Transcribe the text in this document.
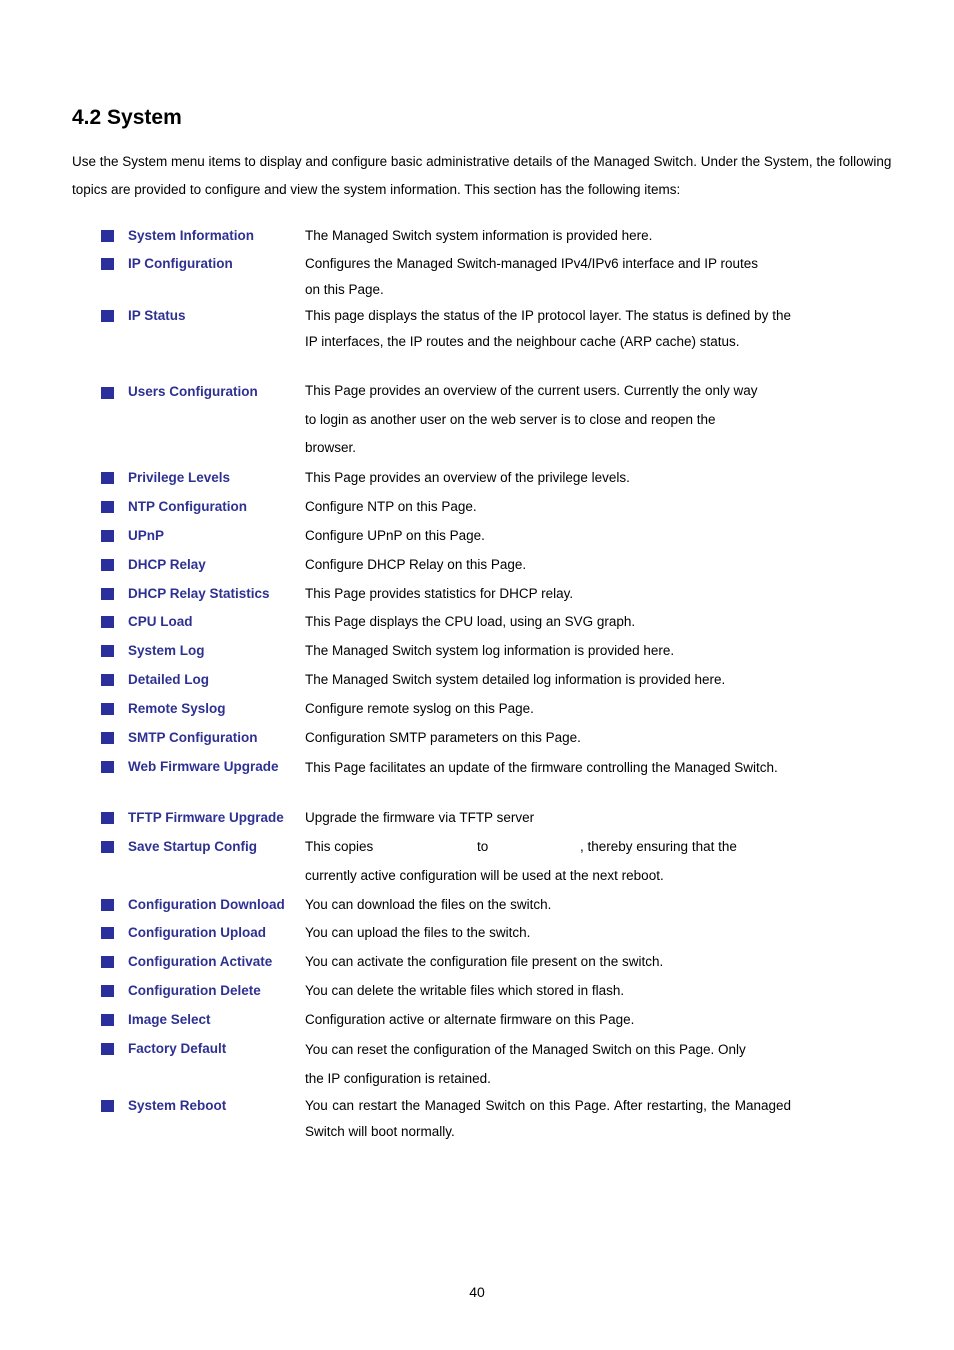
4.2 System

Use the System menu items to display and configure basic administrative details of the Managed Switch. Under the System, the following topics are provided to configure and view the system information. This section has the following items:

System Information	The Managed Switch system information is provided here.
IP Configuration	Configures the Managed Switch-managed IPv4/IPv6 interface and IP routes
on this Page.
IP Status	This page displays the status of the IP protocol layer. The status is defined by the IP interfaces, the IP routes and the neighbour cache (ARP cache) status.
Users Configuration	This Page provides an overview of the current users. Currently the only way
to login as another user on the web server is to close and reopen the
browser.
Privilege Levels	This Page provides an overview of the privilege levels.
NTP Configuration	Configure NTP on this Page.
UPnP	Configure UPnP on this Page.
DHCP Relay	Configure DHCP Relay on this Page.
DHCP Relay Statistics	This Page provides statistics for DHCP relay.
CPU Load	This Page displays the CPU load, using an SVG graph.
System Log	The Managed Switch system log information is provided here.
Detailed Log	The Managed Switch system detailed log information is provided here.
Remote Syslog	Configure remote syslog on this Page.
SMTP Configuration	Configuration SMTP parameters on this Page.
Web Firmware Upgrade This Page facilitates an update of the firmware controlling the Managed Switch.
TFTP Firmware Upgrade Upgrade the firmware via TFTP server
Save Startup Config	This copies	to	, thereby ensuring that the
currently active configuration will be used at the next reboot.
Configuration Download You can download the files on the switch.
Configuration Upload	You can upload the files to the switch.
Configuration Activate You can activate the configuration file present on the switch.
Configuration Delete	You can delete the writable files which stored in flash.
Image Select	Configuration active or alternate firmware on this Page.
Factory Default	You can reset the configuration of the Managed Switch on this Page. Only
the IP configuration is retained.
System Reboot	You can restart the Managed Switch on this Page. After restarting, the Managed Switch will boot normally.
40
